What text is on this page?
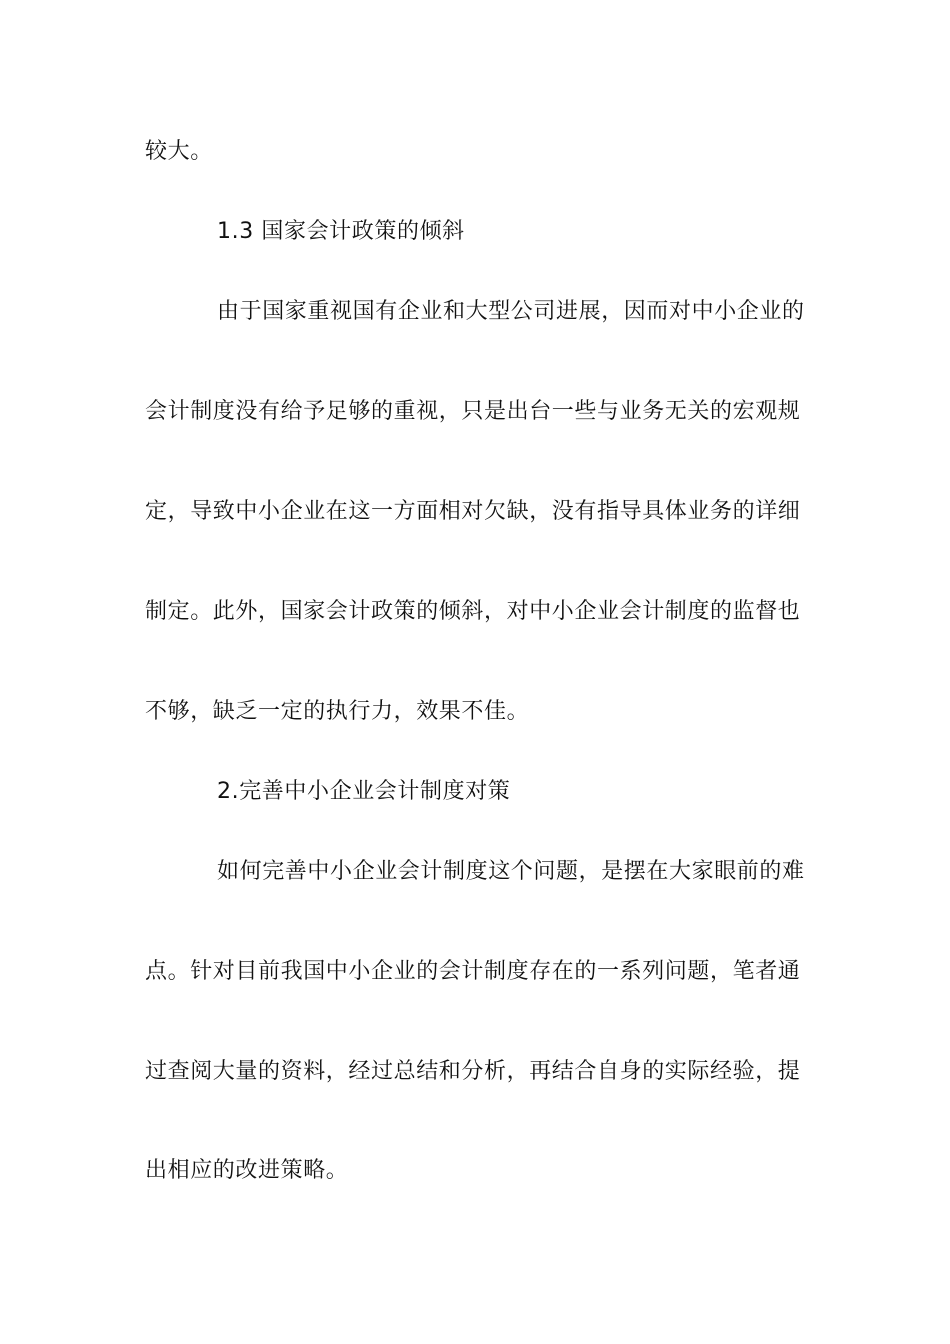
较大。
1.3 国家会计政策的倾斜
由于国家重视国有企业和大型公司进展，因而对中小企业的
会计制度没有给予足够的重视，只是出台一些与业务无关的宏观规
定，导致中小企业在这一方面相对欠缺，没有指导具体业务的详细
制定。此外，国家会计政策的倾斜，对中小企业会计制度的监督也
不够，缺乏一定的执行力，效果不佳。
2.完善中小企业会计制度对策
如何完善中小企业会计制度这个问题，是摆在大家眼前的难
点。针对目前我国中小企业的会计制度存在的一系列问题，笔者通
过查阅大量的资料，经过总结和分析，再结合自身的实际经验，提
出相应的改进策略。
